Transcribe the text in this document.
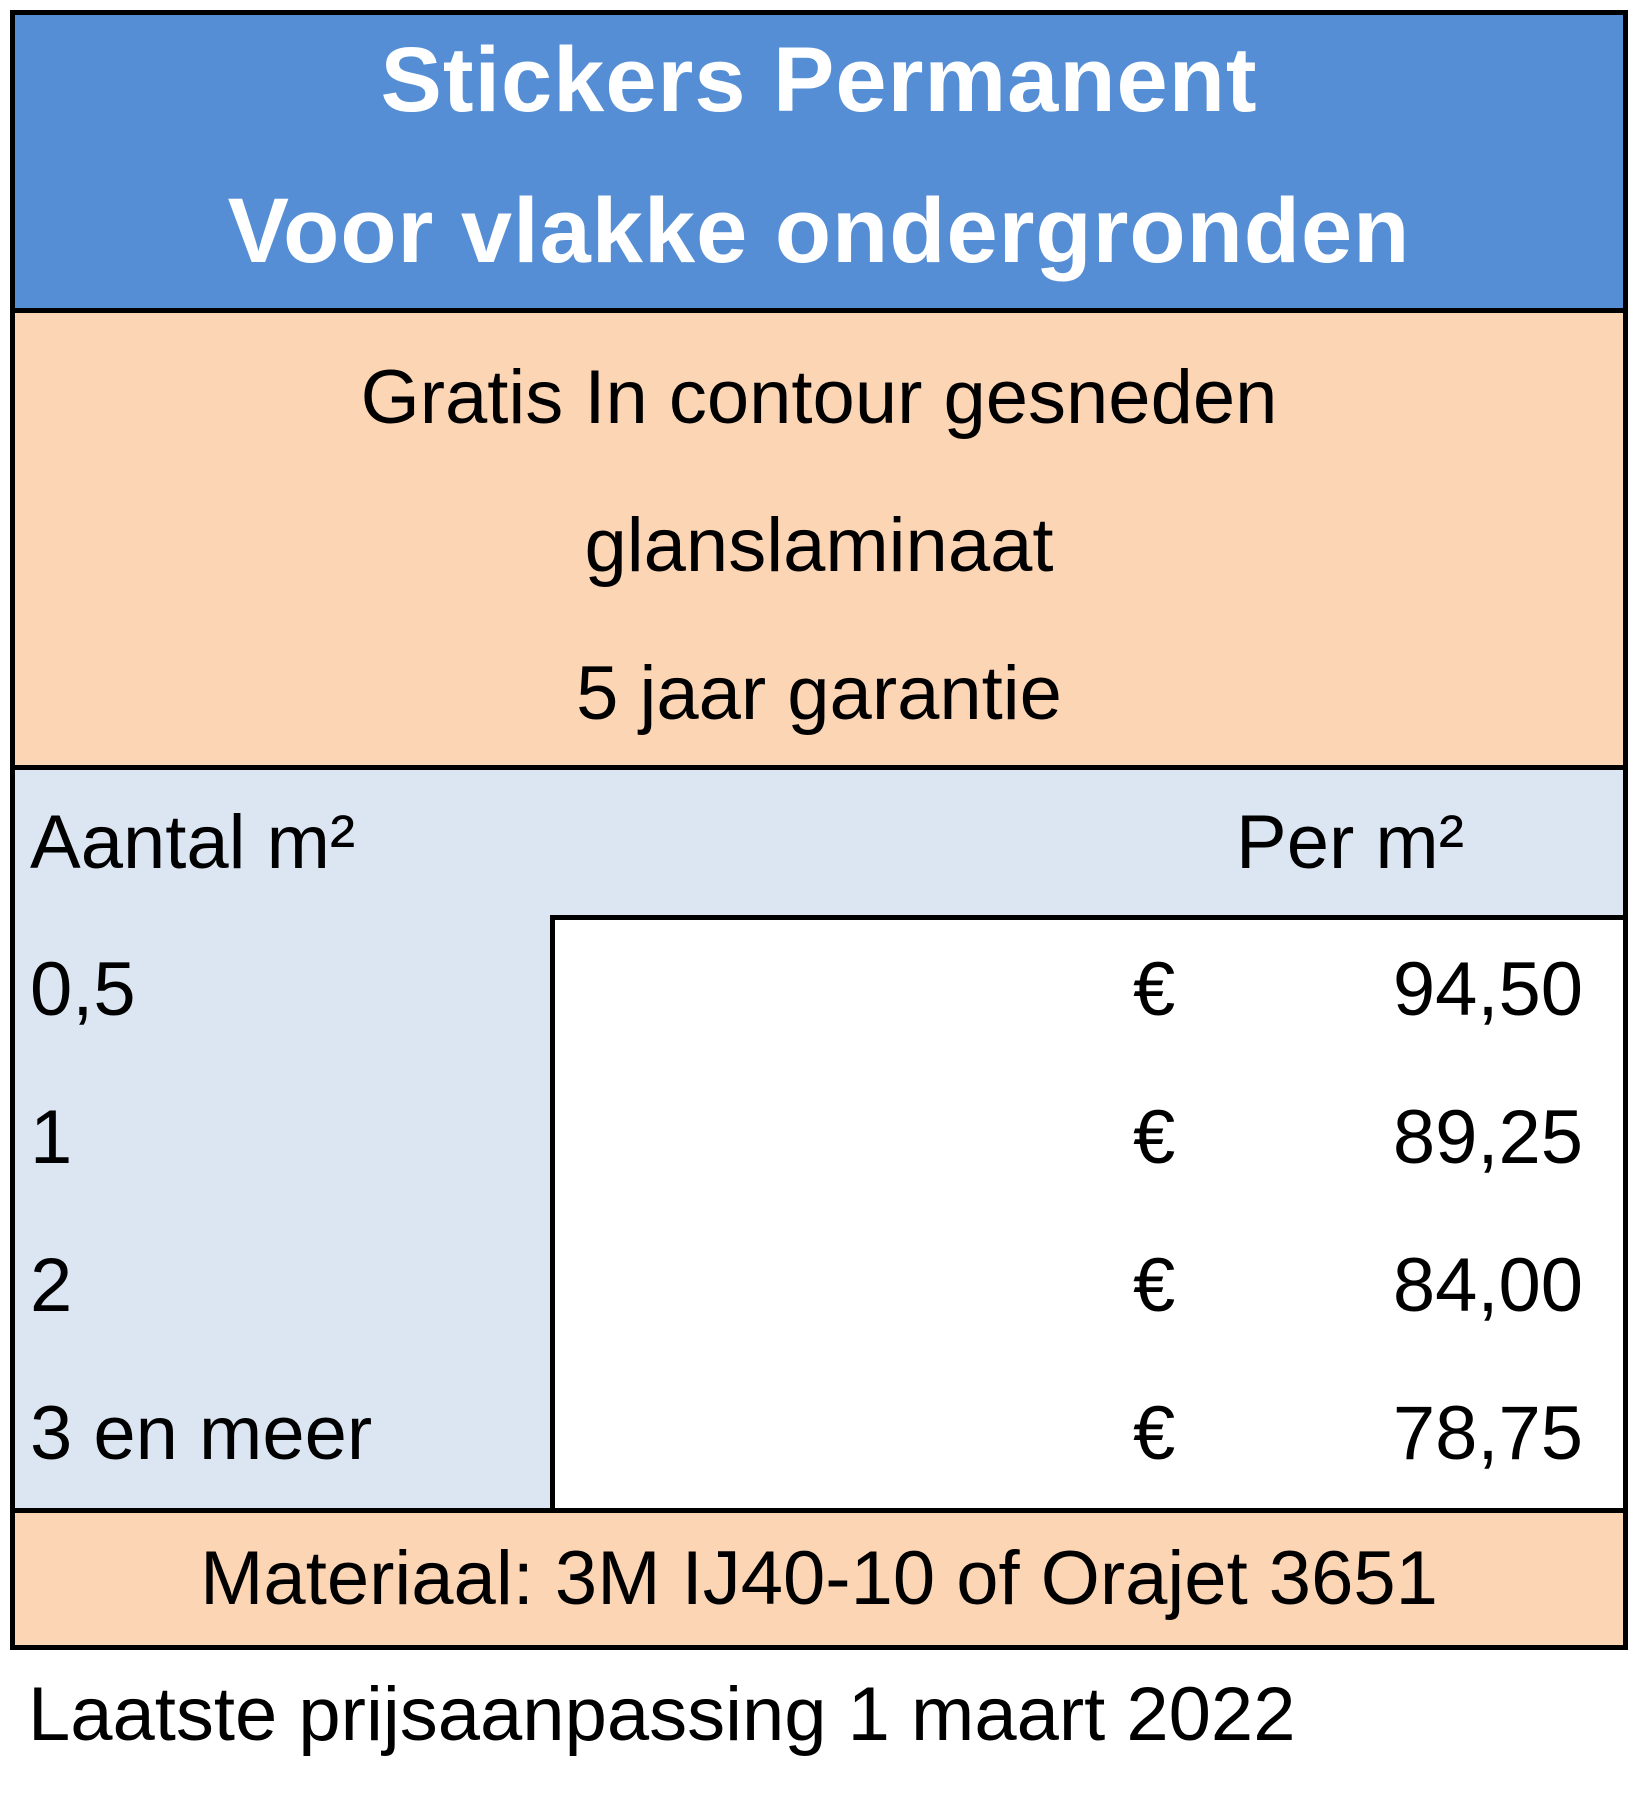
Stickers Permanent
Voor vlakke ondergronden
Gratis In contour gesneden
glanslaminaat
5 jaar garantie
Aantal m²	Per m²
0,5	€	94,50
1	€	89,25
2	€	84,00
3 en meer	€	78,75
Materiaal: 3M IJ40-10 of Orajet 3651
Laatste prijsaanpassing 1 maart 2022
